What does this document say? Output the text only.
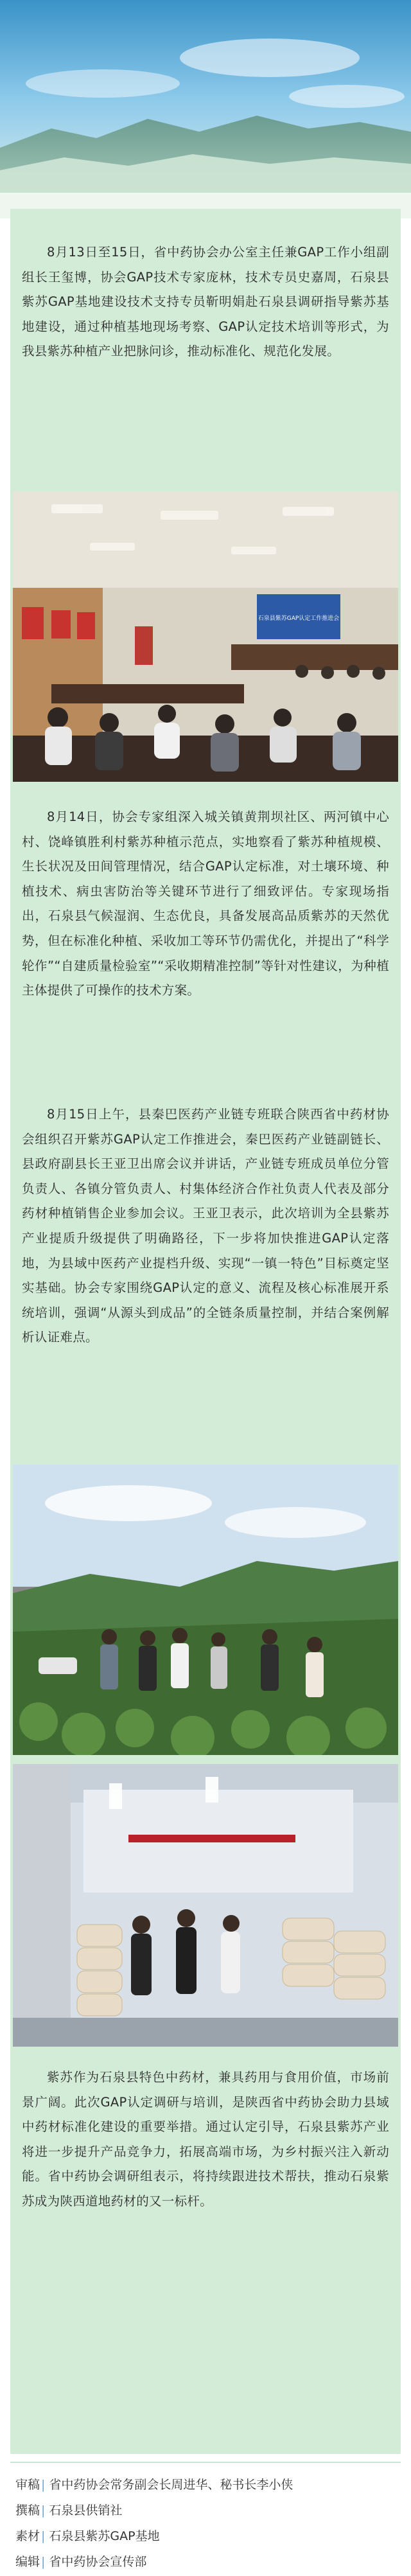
8月13日至15日，省中药协会办公室主任兼GAP工作小组副组长王玺博，协会GAP技术专家庞林，技术专员史嘉周，石泉县紫苏GAP基地建设技术支持专员靳明娟赴石泉县调研指导紫苏基地建设，通过种植基地现场考察、GAP认定技术培训等形式，为我县紫苏种植产业把脉问诊，推动标准化、规范化发展。

石泉县紫苏GAP认定工作推进会

8月14日，协会专家组深入城关镇黄荆坝社区、两河镇中心村、饶峰镇胜利村紫苏种植示范点，实地察看了紫苏种植规模、生长状况及田间管理情况，结合GAP认定标准，对土壤环境、种植技术、病虫害防治等关键环节进行了细致评估。专家现场指出，石泉县气候湿润、生态优良，具备发展高品质紫苏的天然优势，但在标准化种植、采收加工等环节仍需优化，并提出了“科学轮作”“自建质量检验室”“采收期精准控制”等针对性建议，为种植主体提供了可操作的技术方案。

8月15日上午，县秦巴医药产业链专班联合陕西省中药材协会组织召开紫苏GAP认定工作推进会，秦巴医药产业链副链长、县政府副县长王亚卫出席会议并讲话，产业链专班成员单位分管负责人、各镇分管负责人、村集体经济合作社负责人代表及部分药材种植销售企业参加会议。王亚卫表示，此次培训为全县紫苏产业提质升级提供了明确路径，下一步将加快推进GAP认定落地，为县域中医药产业提档升级、实现“一镇一特色”目标奠定坚实基础。协会专家围绕GAP认定的意义、流程及核心标准展开系统培训，强调“从源头到成品”的全链条质量控制，并结合案例解析认证难点。

紫苏作为石泉县特色中药材，兼具药用与食用价值，市场前景广阔。此次GAP认定调研与培训，是陕西省中药协会助力县域中药材标准化建设的重要举措。通过认定引导，石泉县紫苏产业将进一步提升产品竞争力，拓展高端市场，为乡村振兴注入新动能。省中药协会调研组表示，将持续跟进技术帮扶，推动石泉紫苏成为陕西道地药材的又一标杆。

审稿 | 省中药协会常务副会长周进华、秘书长李小侠
撰稿 | 石泉县供销社
素材 | 石泉县紫苏GAP基地
编辑 | 省中药协会宣传部
